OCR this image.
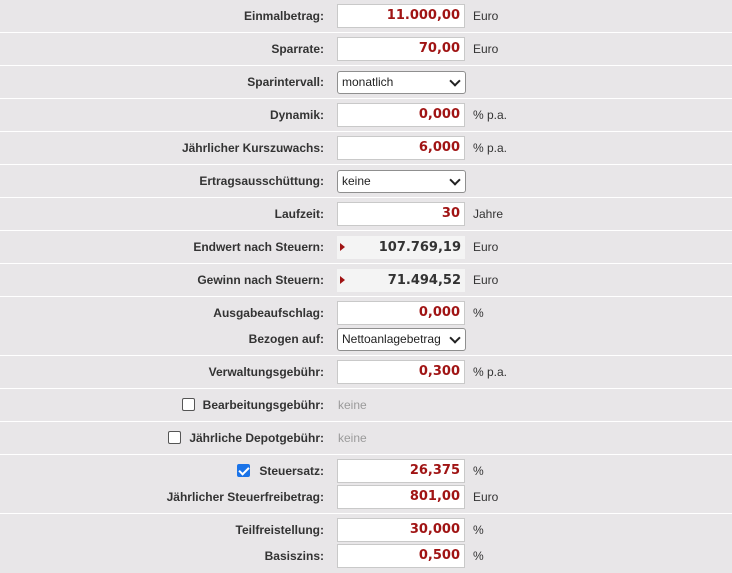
Einmalbetrag:	11.000,00	Euro
Sparrate:	70,00	Euro
Sparintervall:	monatlich
Dynamik:	0,000	% p.a.
Jährlicher Kurszuwachs:	6,000	% p.a.
Ertragsausschüttung:	keine
Laufzeit:	30	Jahre
Endwert nach Steuern:	107.769,19	Euro
Gewinn nach Steuern:	71.494,52	Euro
Ausgabeaufschlag:	0,000	%
Bezogen auf:	Nettoanlagebetrag
Verwaltungsgebühr:	0,300	% p.a.
Bearbeitungsgebühr: keine
Jährliche Depotgebühr: keine
Steuersatz:	26,375	%
Jährlicher Steuerfreibetrag:	801,00	Euro
Teilfreistellung:	30,000	%
Basiszins:	0,500	%
